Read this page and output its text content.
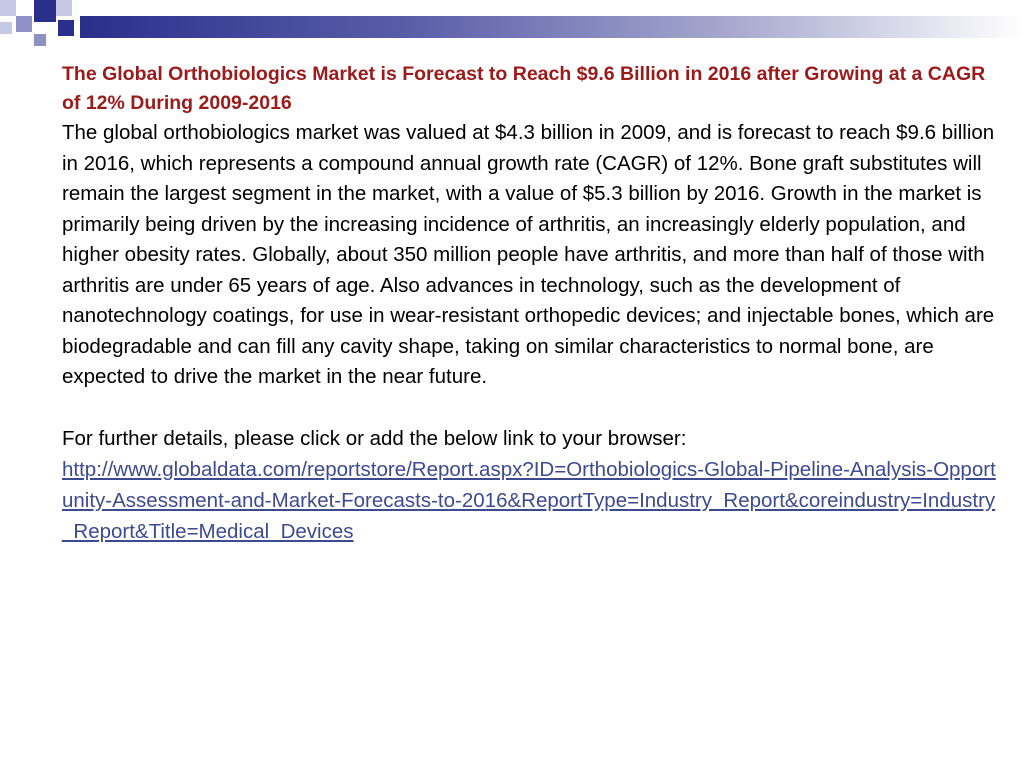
The Global Orthobiologics Market is Forecast to Reach $9.6 Billion in 2016 after Growing at a CAGR of 12% During 2009-2016

The global orthobiologics market was valued at $4.3 billion in 2009, and is forecast to reach $9.6 billion in 2016, which represents a compound annual growth rate (CAGR) of 12%. Bone graft substitutes will remain the largest segment in the market, with a value of $5.3 billion by 2016. Growth in the market is primarily being driven by the increasing incidence of arthritis, an increasingly elderly population, and higher obesity rates. Globally, about 350 million people have arthritis, and more than half of those with arthritis are under 65 years of age. Also advances in technology, such as the development of nanotechnology coatings, for use in wear-resistant orthopedic devices; and injectable bones, which are biodegradable and can fill any cavity shape, taking on similar characteristics to normal bone, are expected to drive the market in the near future.

For further details, please click or add the below link to your browser:

http://www.globaldata.com/reportstore/Report.aspx?ID=Orthobiologics-Global-Pipeline-Analysis-Opportunity-Assessment-and-Market-Forecasts-to-2016&ReportType=Industry_Report&coreindustry=Industry_Report&Title=Medical_Devices
